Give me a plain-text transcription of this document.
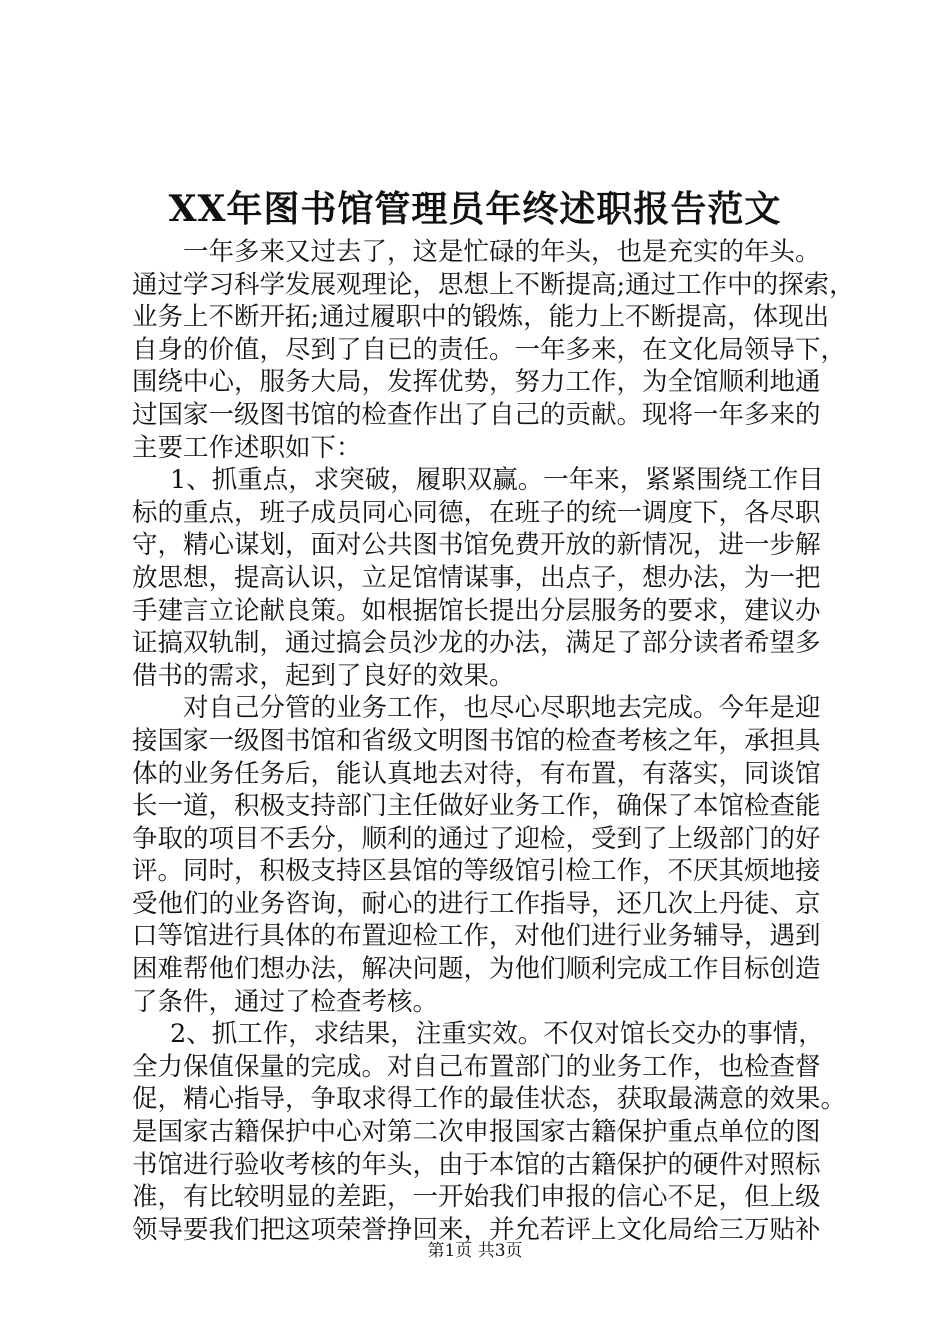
XX年图书馆管理员年终述职报告范文
一年多来又过去了，这是忙碌的年头，也是充实的年头。
通过学习科学发展观理论，思想上不断提高;通过工作中的探索，
业务上不断开拓;通过履职中的锻炼，能力上不断提高，体现出
自身的价值，尽到了自已的责任。一年多来，在文化局领导下，
围绕中心，服务大局，发挥优势，努力工作，为全馆顺利地通
过国家一级图书馆的检查作出了自己的贡献。现将一年多来的
主要工作述职如下：
1、抓重点，求突破，履职双赢。一年来，紧紧围绕工作目
标的重点，班子成员同心同德，在班子的统一调度下，各尽职
守，精心谋划，面对公共图书馆免费开放的新情况，进一步解
放思想，提高认识，立足馆情谋事，出点子，想办法，为一把
手建言立论献良策。如根据馆长提出分层服务的要求，建议办
证搞双轨制，通过搞会员沙龙的办法，满足了部分读者希望多
借书的需求，起到了良好的效果。
对自己分管的业务工作，也尽心尽职地去完成。今年是迎
接国家一级图书馆和省级文明图书馆的检查考核之年，承担具
体的业务任务后，能认真地去对待，有布置，有落实，同谈馆
长一道，积极支持部门主任做好业务工作，确保了本馆检查能
争取的项目不丢分，顺利的通过了迎检，受到了上级部门的好
评。同时，积极支持区县馆的等级馆引检工作，不厌其烦地接
受他们的业务咨询，耐心的进行工作指导，还几次上丹徒、京
口等馆进行具体的布置迎检工作，对他们进行业务辅导，遇到
困难帮他们想办法，解决问题，为他们顺利完成工作目标创造
了条件，通过了检查考核。
2、抓工作，求结果，注重实效。不仅对馆长交办的事情，
全力保值保量的完成。对自己布置部门的业务工作，也检查督
促，精心指导，争取求得工作的最佳状态，获取最满意的效果。
是国家古籍保护中心对第二次申报国家古籍保护重点单位的图
书馆进行验收考核的年头，由于本馆的古籍保护的硬件对照标
准，有比较明显的差距，一开始我们申报的信心不足，但上级
领导要我们把这项荣誉挣回来，并允若评上文化局给三万贴补
第1页 共3页
